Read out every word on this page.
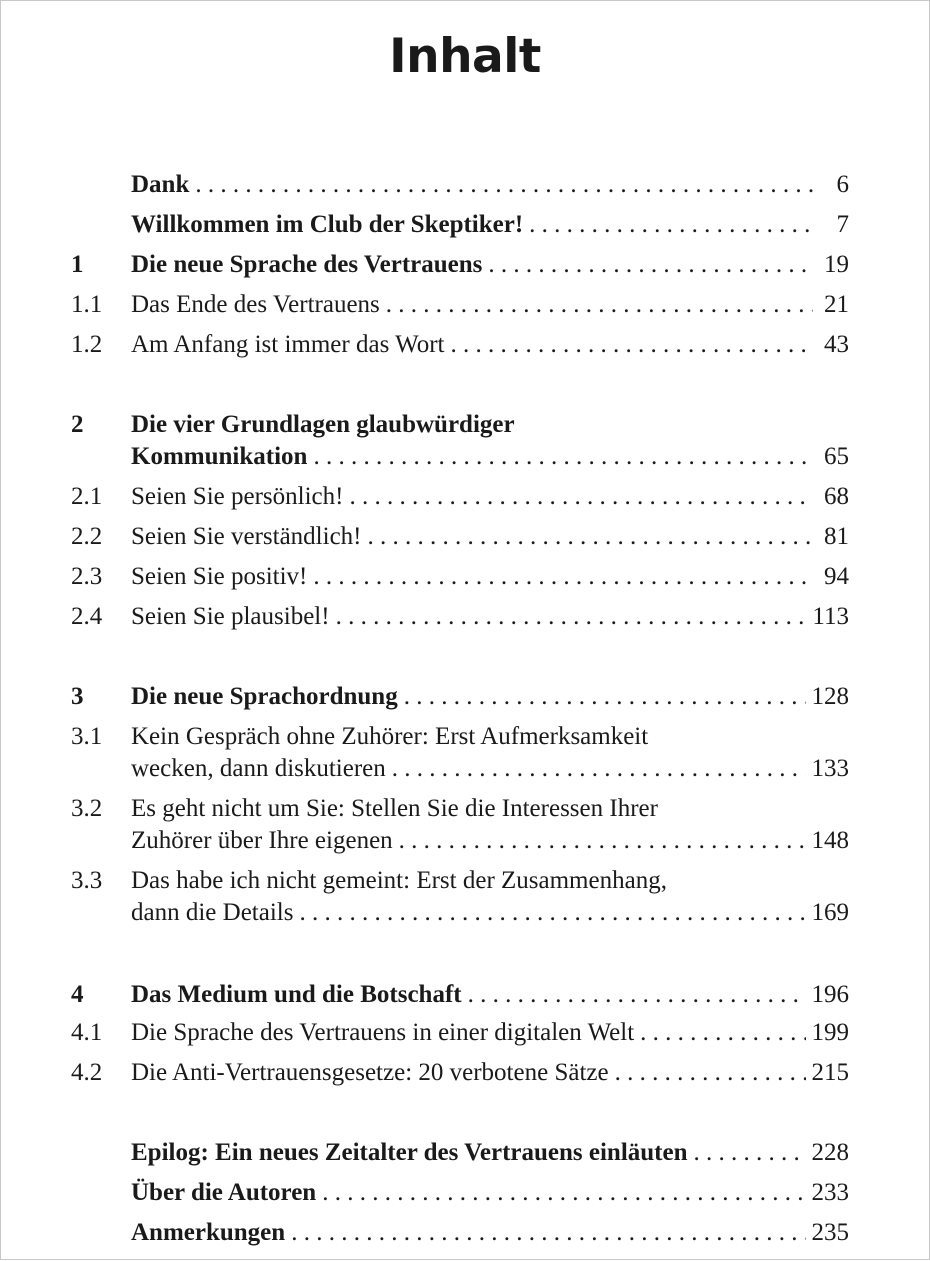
Inhalt
Dank . . .	6
Willkommen im Club der Skeptiker! . . .	7
1	Die neue Sprache des Vertrauens . . .	19
1.1	Das Ende des Vertrauens . . .	21
1.2	Am Anfang ist immer das Wort . . .	43
2	Die vier Grundlagen glaubwürdiger
Kommunikation . . .	65
2.1	Seien Sie persönlich! . . .	68
2.2	Seien Sie verständlich! . . .	81
2.3	Seien Sie positiv! . . .	94
2.4	Seien Sie plausibel! . . .	113
3	Die neue Sprachordnung . . .	128
3.1	Kein Gespräch ohne Zuhörer: Erst Aufmerksamkeit
wecken, dann diskutieren . . .	133
3.2	Es geht nicht um Sie: Stellen Sie die Interessen Ihrer
Zuhörer über Ihre eigenen . . .	148
3.3	Das habe ich nicht gemeint: Erst der Zusammenhang,
dann die Details . . .	169
4	Das Medium und die Botschaft . . .	196
4.1	Die Sprache des Vertrauens in einer digitalen Welt . . .	199
4.2	Die Anti-Vertrauensgesetze: 20 verbotene Sätze . . .	215
Epilog: Ein neues Zeitalter des Vertrauens einläuten . . .	228
Über die Autoren . . .	233
Anmerkungen . . .	235
